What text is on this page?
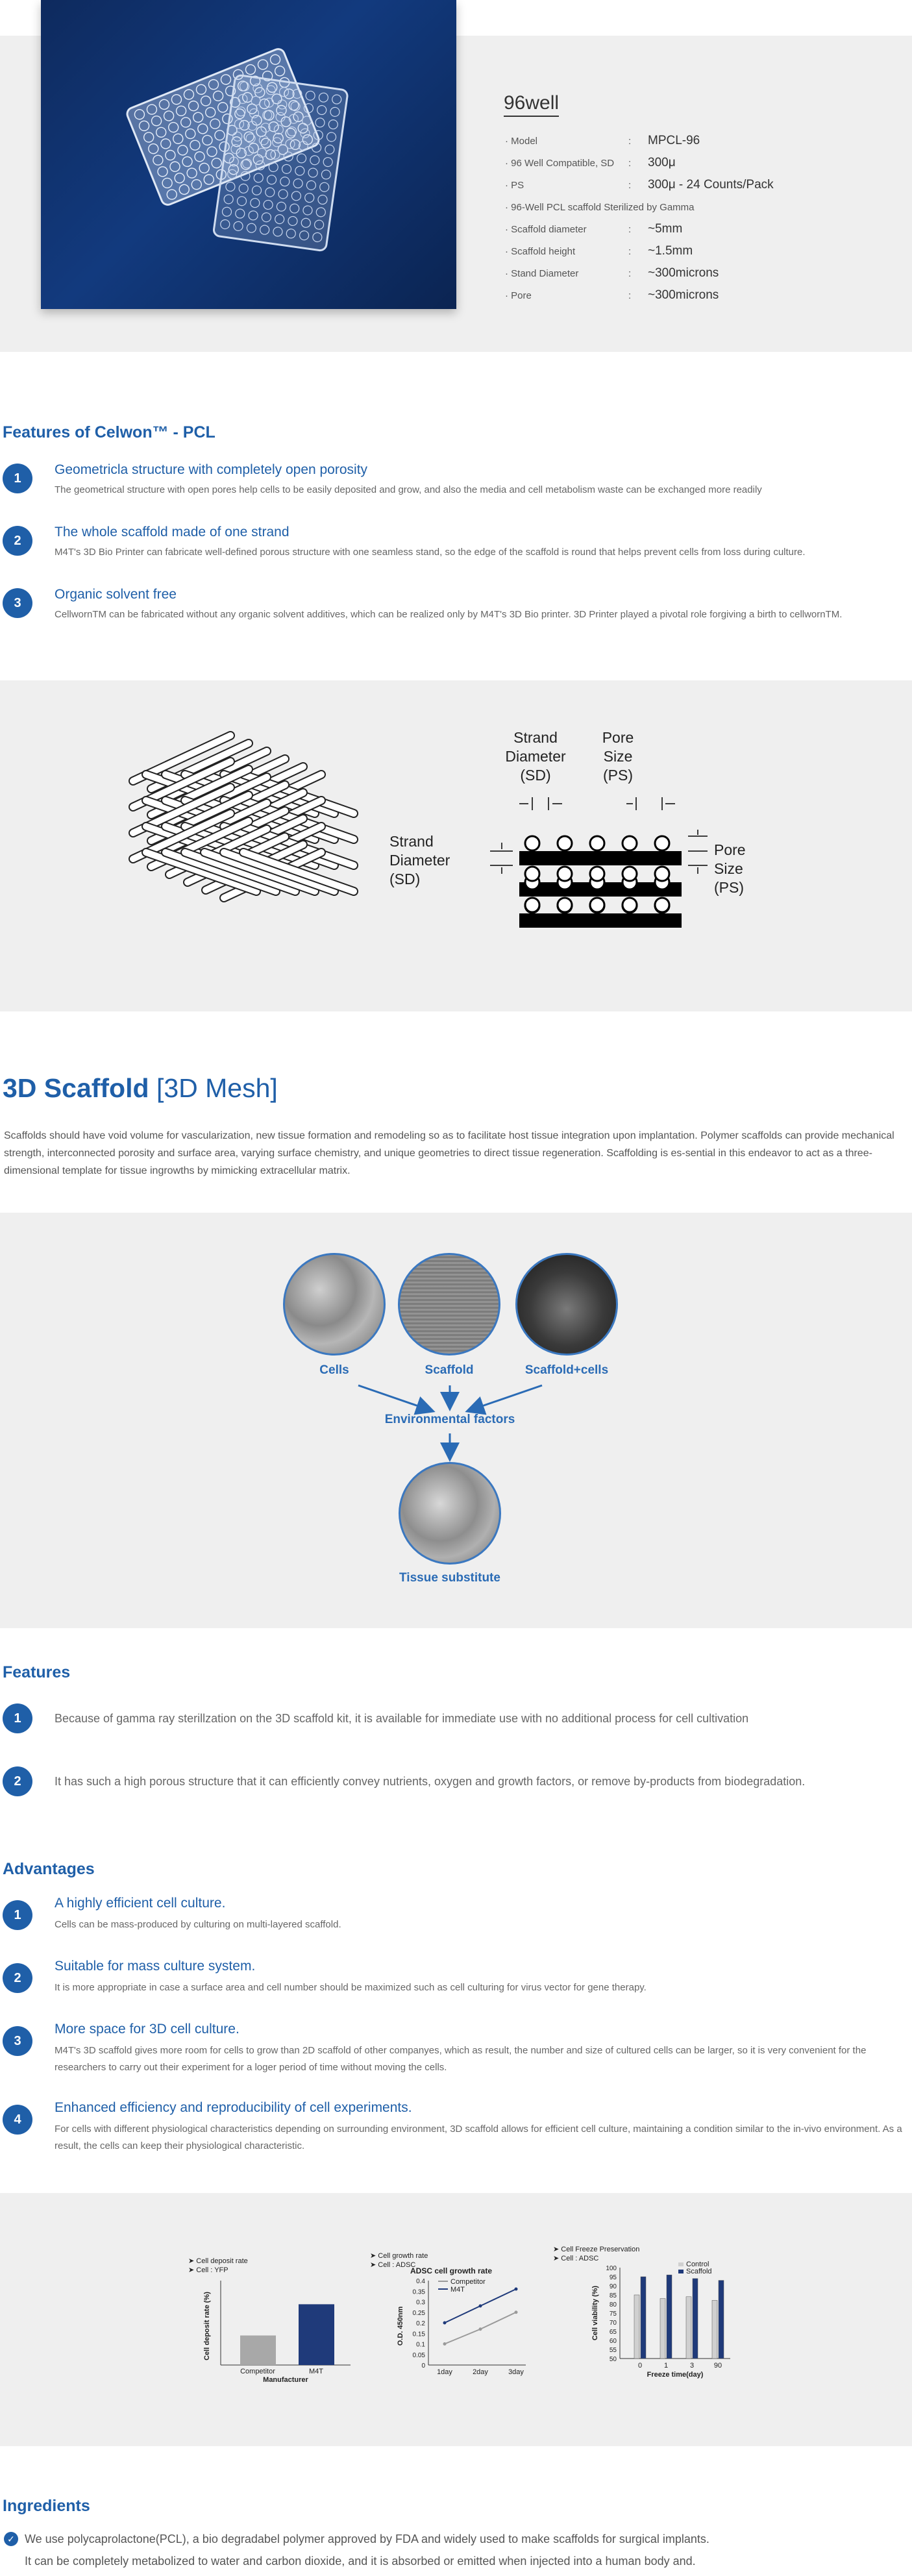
96well
· Model	:	MPCL-96
· 96 Well Compatible, SD	:	300μ
· PS	:	300μ - 24 Counts/Pack
· 96-Well PCL scaffold Sterilized by Gamma
· Scaffold diameter	:	~5mm
· Scaffold height	:	~1.5mm
· Stand Diameter	:	~300microns
· Pore	:	~300microns
Features of Celwon™ - PCL
1
Geometricla structure with completely open porosity
The geometrical structure with open pores help cells to be easily deposited and grow, and also the media and cell metabolism waste can be exchanged more readily
2
The whole scaffold made of one strand
M4T's 3D Bio Printer can fabricate well-defined porous structure with one seamless stand, so the edge of the scaffold is round that helps prevent cells from loss during culture.
3
Organic solvent free
CellwornTM can be fabricated without any organic solvent additives, which can be realized only by M4T's 3D Bio printer. 3D Printer played a pivotal role forgiving a birth to cellwornTM.
Strand
Diameter
(SD)
Pore
Size
(PS)
Strand
Diameter
(SD)
Pore
Size
(PS)
3D Scaffold [3D Mesh]
Scaffolds should have void volume for vascularization, new tissue formation and remodeling so as to facilitate host tissue integration upon implantation. Polymer scaffolds can provide mechanical strength, interconnected porosity and surface area, varying surface chemistry, and unique geometries to direct tissue regeneration. Scaffolding is es-sential in this endeavor to act as a three-dimensional template for tissue ingrowths by mimicking extracellular matrix.
Cells	Scaffold	Scaffold+cells
Environmental factors
Tissue substitute
Features
1	Because of gamma ray sterillzation on the 3D scaffold kit, it is available for immediate use with no additional process for cell cultivation
2	It has such a high porous structure that it can efficiently convey nutrients, oxygen and growth factors, or remove by-products from biodegradation.
Advantages
1
A highly efficient cell culture.
Cells can be mass-produced by culturing on multi-layered scaffold.
2
Suitable for mass culture system.
It is more appropriate in case a surface area and cell number should be maximized such as cell culturing for virus vector for gene therapy.
3
More space for 3D cell culture.
M4T's 3D scaffold gives more room for cells to grow than 2D scaffold of other companyes, which as result, the number and size of cultured cells can be larger, so it is very convenient for the researchers to carry out their experiment for a loger period of time without moving the cells.
4
Enhanced efficiency and reproducibility of cell experiments.
For cells with different physiological characteristics depending on surrounding environment, 3D scaffold allows for efficient cell culture, maintaining a condition similar to the in-vivo environment. As a result, the cells can keep their physiological characteristic.
➤ Cell deposit rate
➤ Cell : YFP
Competitor	M4T
Manufacturer
Cell deposit rate (%)
➤ Cell growth rate
➤ Cell : ADSC
ADSC cell growth rate
0
0.05
0.1
0.15
0.2
0.25
0.3
0.35
0.4
1day	2day	3day
Competitor
M4T
O.D. 450nm
➤ Cell Freeze Preservation
➤ Cell : ADSC
50
55
60
65
70
75
80
85
90
95
100
0	1	3	90
Control
Scaffold
Freeze time(day)
Cell viability (%)
Ingredients
✓ We use polycaprolactone(PCL), a bio degradabel polymer approved by FDA and widely used to make scaffolds for surgical implants.
It can be completely metabolized to water and carbon dioxide, and it is absorbed or emitted when injected into a human body and.
